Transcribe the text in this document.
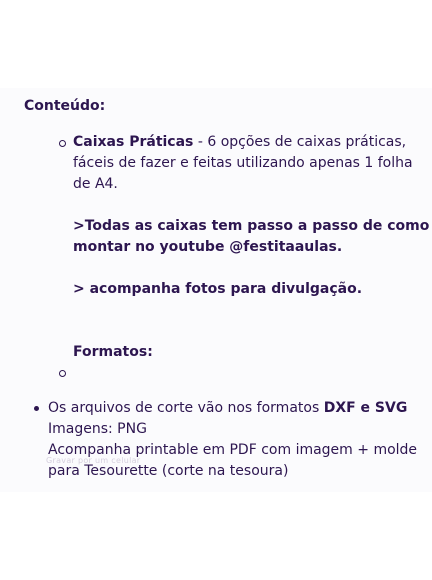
Conteúdo:

Caixas Práticas - 6 opções de caixas práticas,
fáceis de fazer e feitas utilizando apenas 1 folha
de A4.
>Todas as caixas tem passo a passo de como
montar no youtube @festitaaulas.
> acompanha fotos para divulgação.
Formatos:
Os arquivos de corte vão nos formatos DXF e SVG
Imagens: PNG
Acompanha printable em PDF com imagem + molde
para Tesourette (corte na tesoura)
Gravar por um celular
